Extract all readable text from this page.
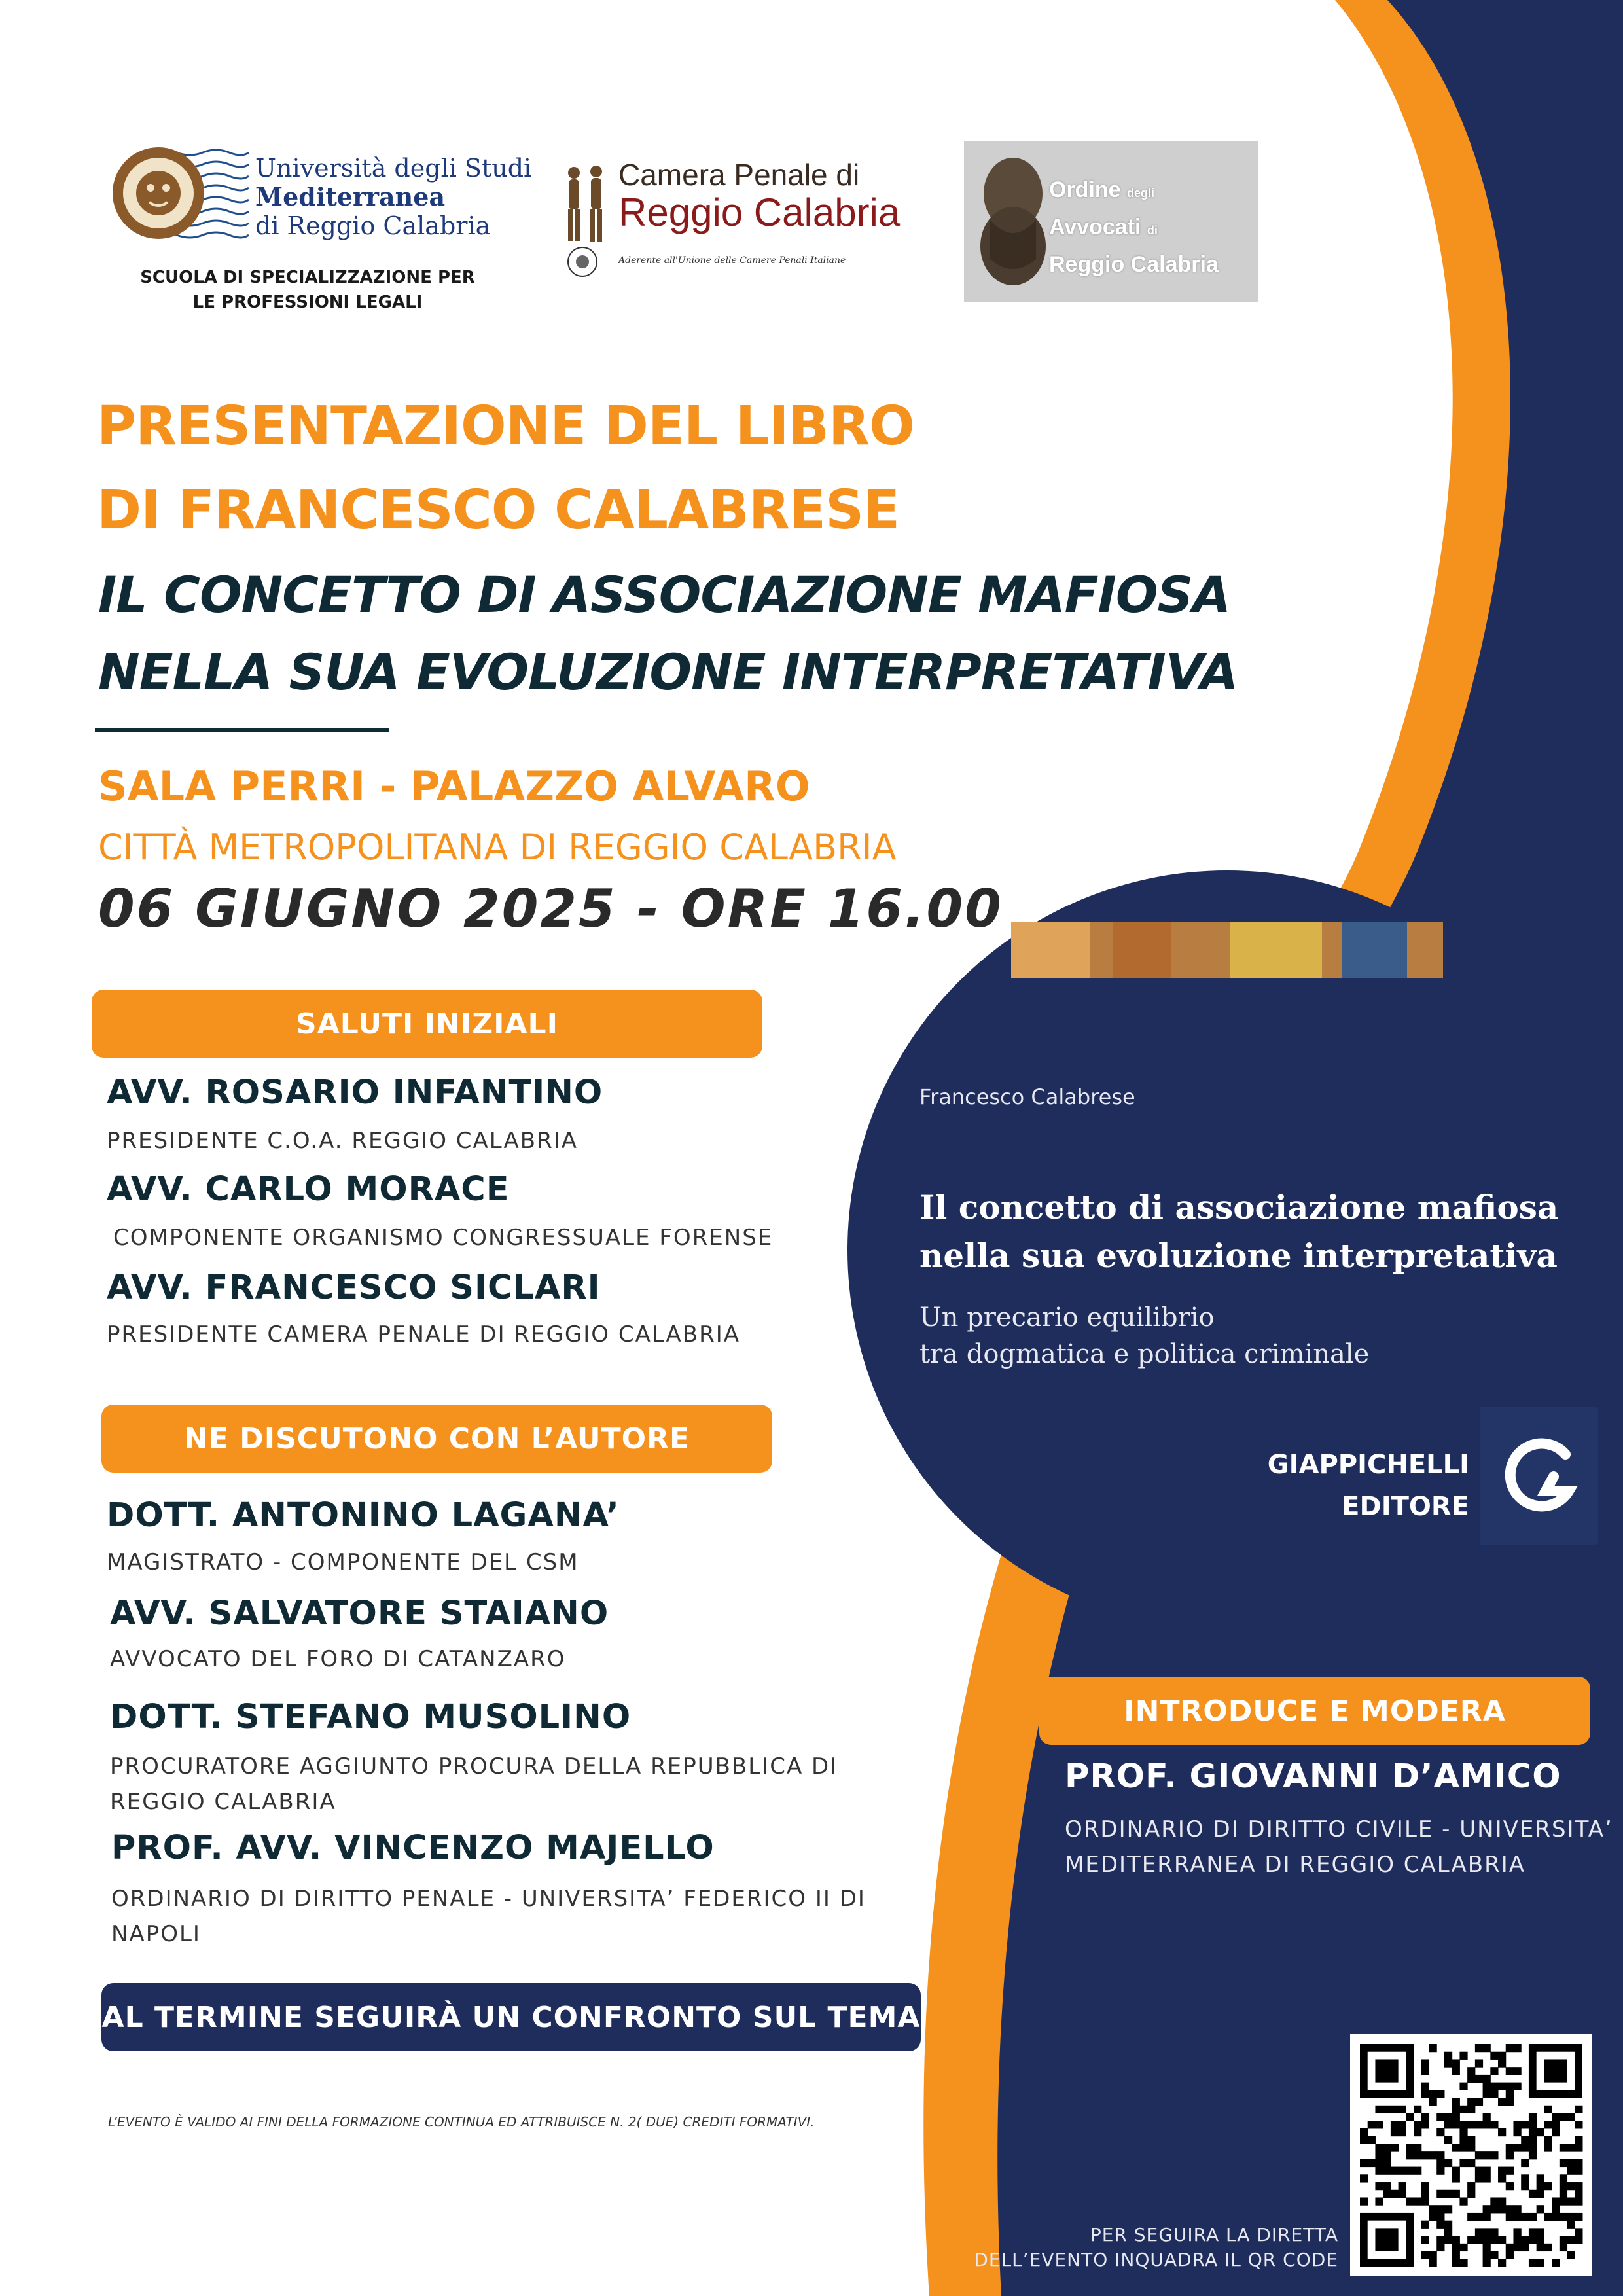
Università degli Studi
Mediterranea
di Reggio Calabria
SCUOLA DI SPECIALIZZAZIONE PER
LE PROFESSIONI LEGALI
Camera Penale di
Reggio Calabria
Aderente all'Unione delle Camere Penali Italiane
Ordine degli
Avvocati di
Reggio Calabria
PRESENTAZIONE DEL LIBRO
DI FRANCESCO CALABRESE
IL CONCETTO DI ASSOCIAZIONE MAFIOSA
NELLA SUA EVOLUZIONE INTERPRETATIVA
SALA PERRI - PALAZZO ALVARO
CITTÀ METROPOLITANA DI REGGIO CALABRIA
06 GIUGNO 2025 - ORE 16.00
SALUTI INIZIALI
AVV. ROSARIO INFANTINO
PRESIDENTE C.O.A. REGGIO CALABRIA
AVV. CARLO MORACE
COMPONENTE ORGANISMO CONGRESSUALE FORENSE
AVV. FRANCESCO SICLARI
PRESIDENTE CAMERA PENALE DI REGGIO CALABRIA
NE DISCUTONO CON L’AUTORE
DOTT. ANTONINO LAGANA’
MAGISTRATO - COMPONENTE DEL CSM
AVV. SALVATORE STAIANO
AVVOCATO DEL FORO DI CATANZARO
DOTT. STEFANO MUSOLINO
PROCURATORE AGGIUNTO PROCURA DELLA REPUBBLICA DI
REGGIO CALABRIA
PROF. AVV. VINCENZO MAJELLO
ORDINARIO DI DIRITTO PENALE - UNIVERSITA’ FEDERICO II DI
NAPOLI
AL TERMINE SEGUIRÀ UN CONFRONTO SUL TEMA
L’EVENTO È VALIDO AI FINI DELLA FORMAZIONE CONTINUA ED ATTRIBUISCE N. 2( DUE) CREDITI FORMATIVI.
Francesco Calabrese
Il concetto di associazione mafiosa
nella sua evoluzione interpretativa
Un precario equilibrio
tra dogmatica e politica criminale
GIAPPICHELLI
EDITORE
INTRODUCE E MODERA
PROF. GIOVANNI D’AMICO
ORDINARIO DI DIRITTO CIVILE - UNIVERSITA’
MEDITERRANEA DI REGGIO CALABRIA
PER SEGUIRA LA DIRETTA
DELL’EVENTO INQUADRA IL QR CODE
